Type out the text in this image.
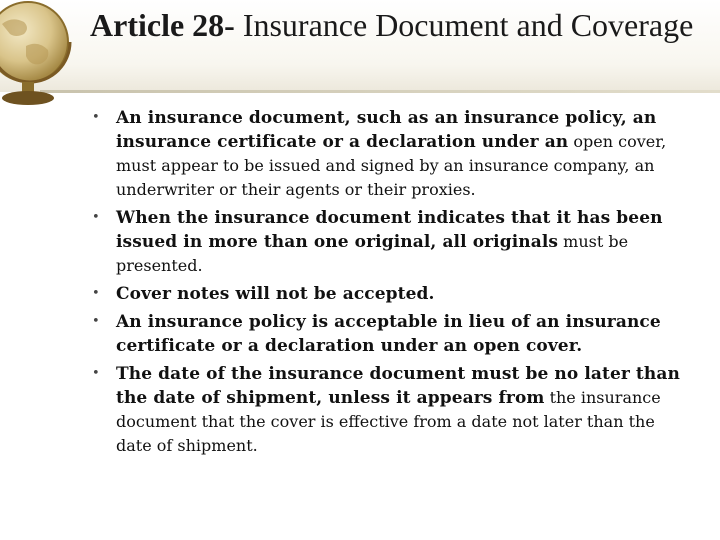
Article 28- Insurance Document and Coverage
• An insurance document, such as an insurance policy, an insurance certificate or a declaration under an open cover, must appear to be issued and signed by an insurance company, an underwriter or their agents or their proxies.
• When the insurance document indicates that it has been issued in more than one original, all originals must be presented.
• Cover notes will not be accepted.
• An insurance policy is acceptable in lieu of an insurance certificate or a declaration under an open cover.
• The date of the insurance document must be no later than the date of shipment, unless it appears from the insurance document that the cover is effective from a date not later than the date of shipment.
